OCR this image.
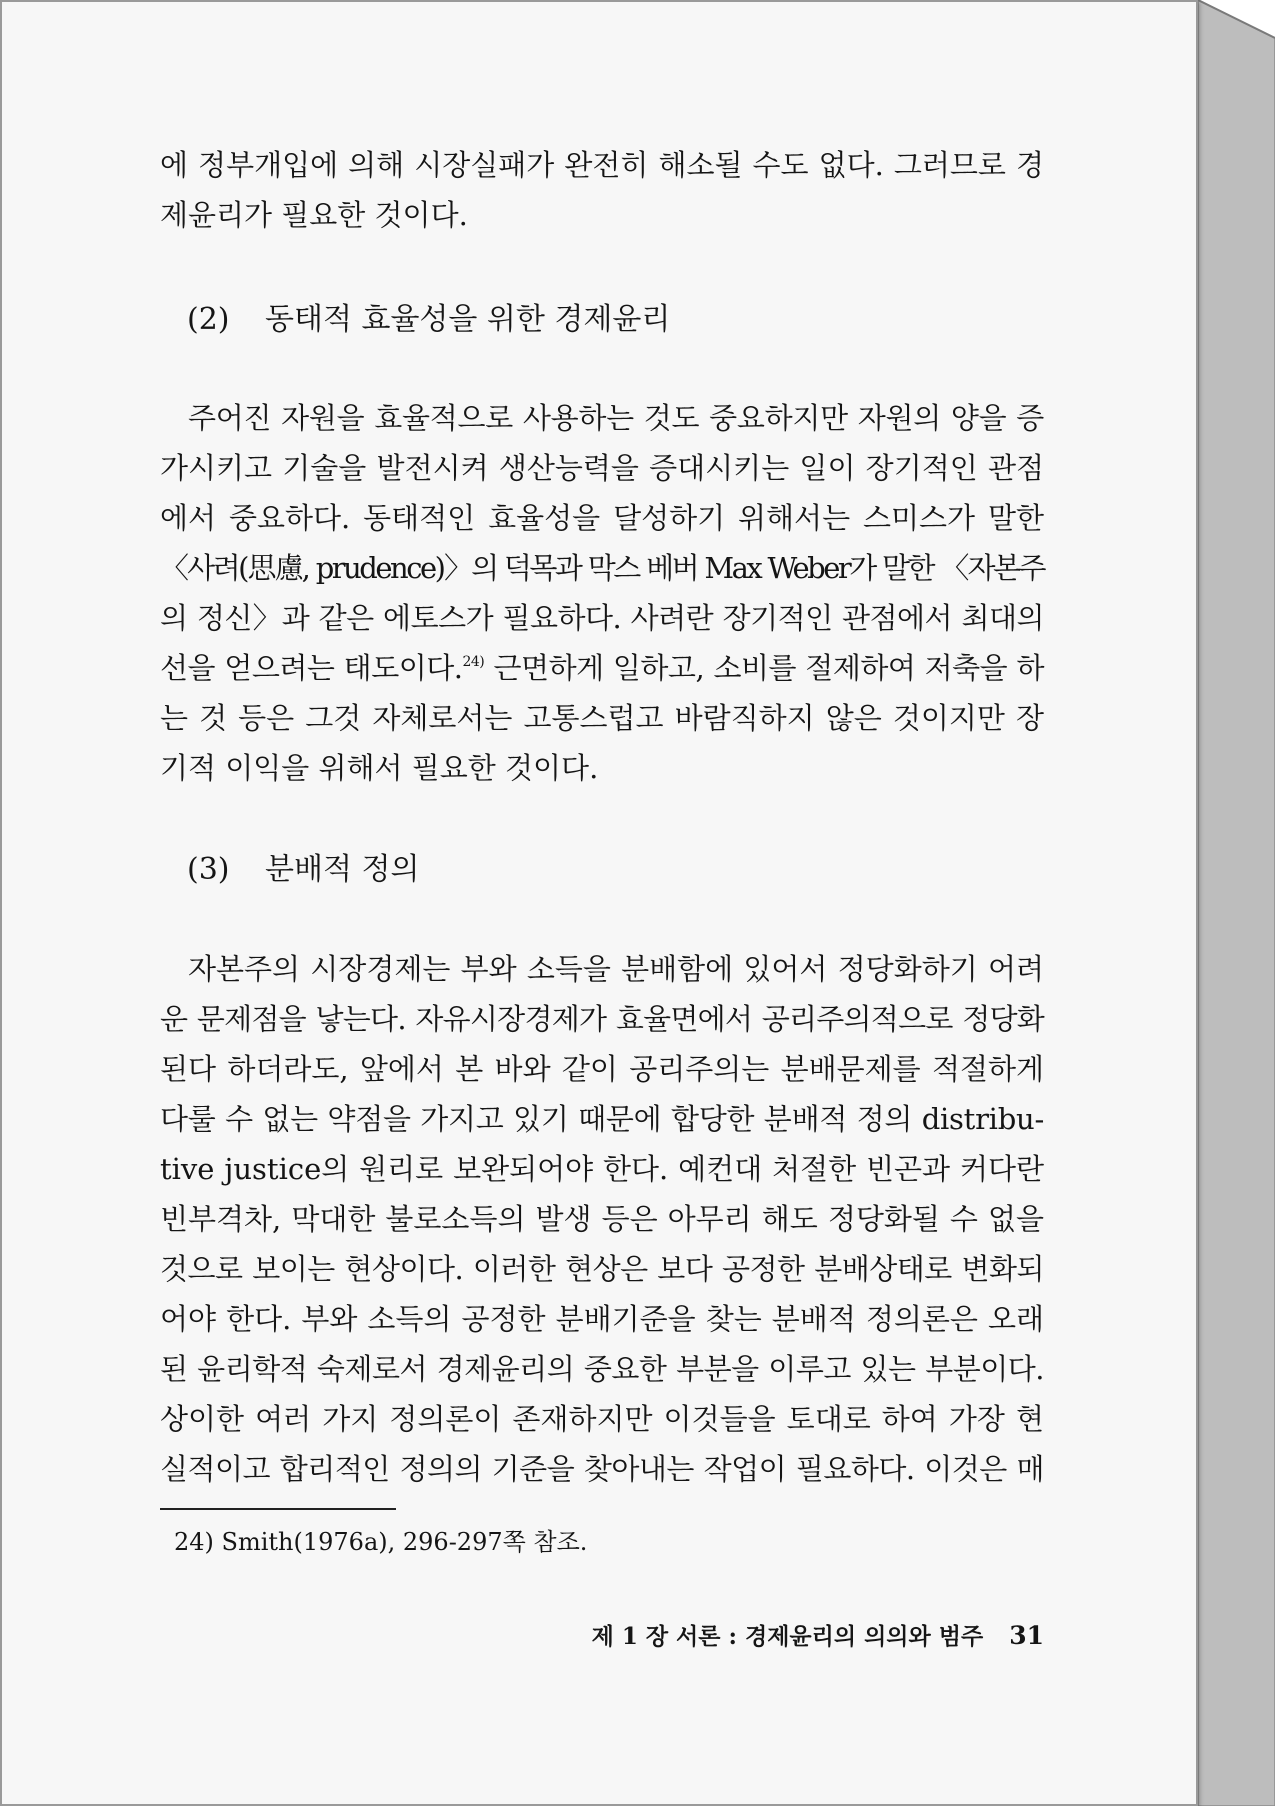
에 정부개입에 의해 시장실패가 완전히 해소될 수도 없다. 그러므로 경

제윤리가 필요한 것이다.

(2) 동태적 효율성을 위한 경제윤리

주어진 자원을 효율적으로 사용하는 것도 중요하지만 자원의 양을 증

가시키고 기술을 발전시켜 생산능력을 증대시키는 일이 장기적인 관점

에서 중요하다. 동태적인 효율성을 달성하기 위해서는 스미스가 말한

〈사려(思慮, prudence)〉의 덕목과 막스 베버 Max Weber가 말한 〈자본주

의 정신〉과 같은 에토스가 필요하다. 사려란 장기적인 관점에서 최대의

선을 얻으려는 태도이다.$^{24)}$ 근면하게 일하고, 소비를 절제하여 저축을 하

는 것 등은 그것 자체로서는 고통스럽고 바람직하지 않은 것이지만 장

기적 이익을 위해서 필요한 것이다.

(3) 분배적 정의

자본주의 시장경제는 부와 소득을 분배함에 있어서 정당화하기 어려

운 문제점을 낳는다. 자유시장경제가 효율면에서 공리주의적으로 정당화

된다 하더라도, 앞에서 본 바와 같이 공리주의는 분배문제를 적절하게

다룰 수 없는 약점을 가지고 있기 때문에 합당한 분배적 정의 distribu-

tive justice의 원리로 보완되어야 한다. 예컨대 처절한 빈곤과 커다란

빈부격차, 막대한 불로소득의 발생 등은 아무리 해도 정당화될 수 없을

것으로 보이는 현상이다. 이러한 현상은 보다 공정한 분배상태로 변화되

어야 한다. 부와 소득의 공정한 분배기준을 찾는 분배적 정의론은 오래

된 윤리학적 숙제로서 경제윤리의 중요한 부분을 이루고 있는 부분이다.

상이한 여러 가지 정의론이 존재하지만 이것들을 토대로 하여 가장 현

실적이고 합리적인 정의의 기준을 찾아내는 작업이 필요하다. 이것은 매

24) Smith(1976a), 296-297쪽 참조.

제 1 장 서론 : 경제윤리의 의의와 범주 31
